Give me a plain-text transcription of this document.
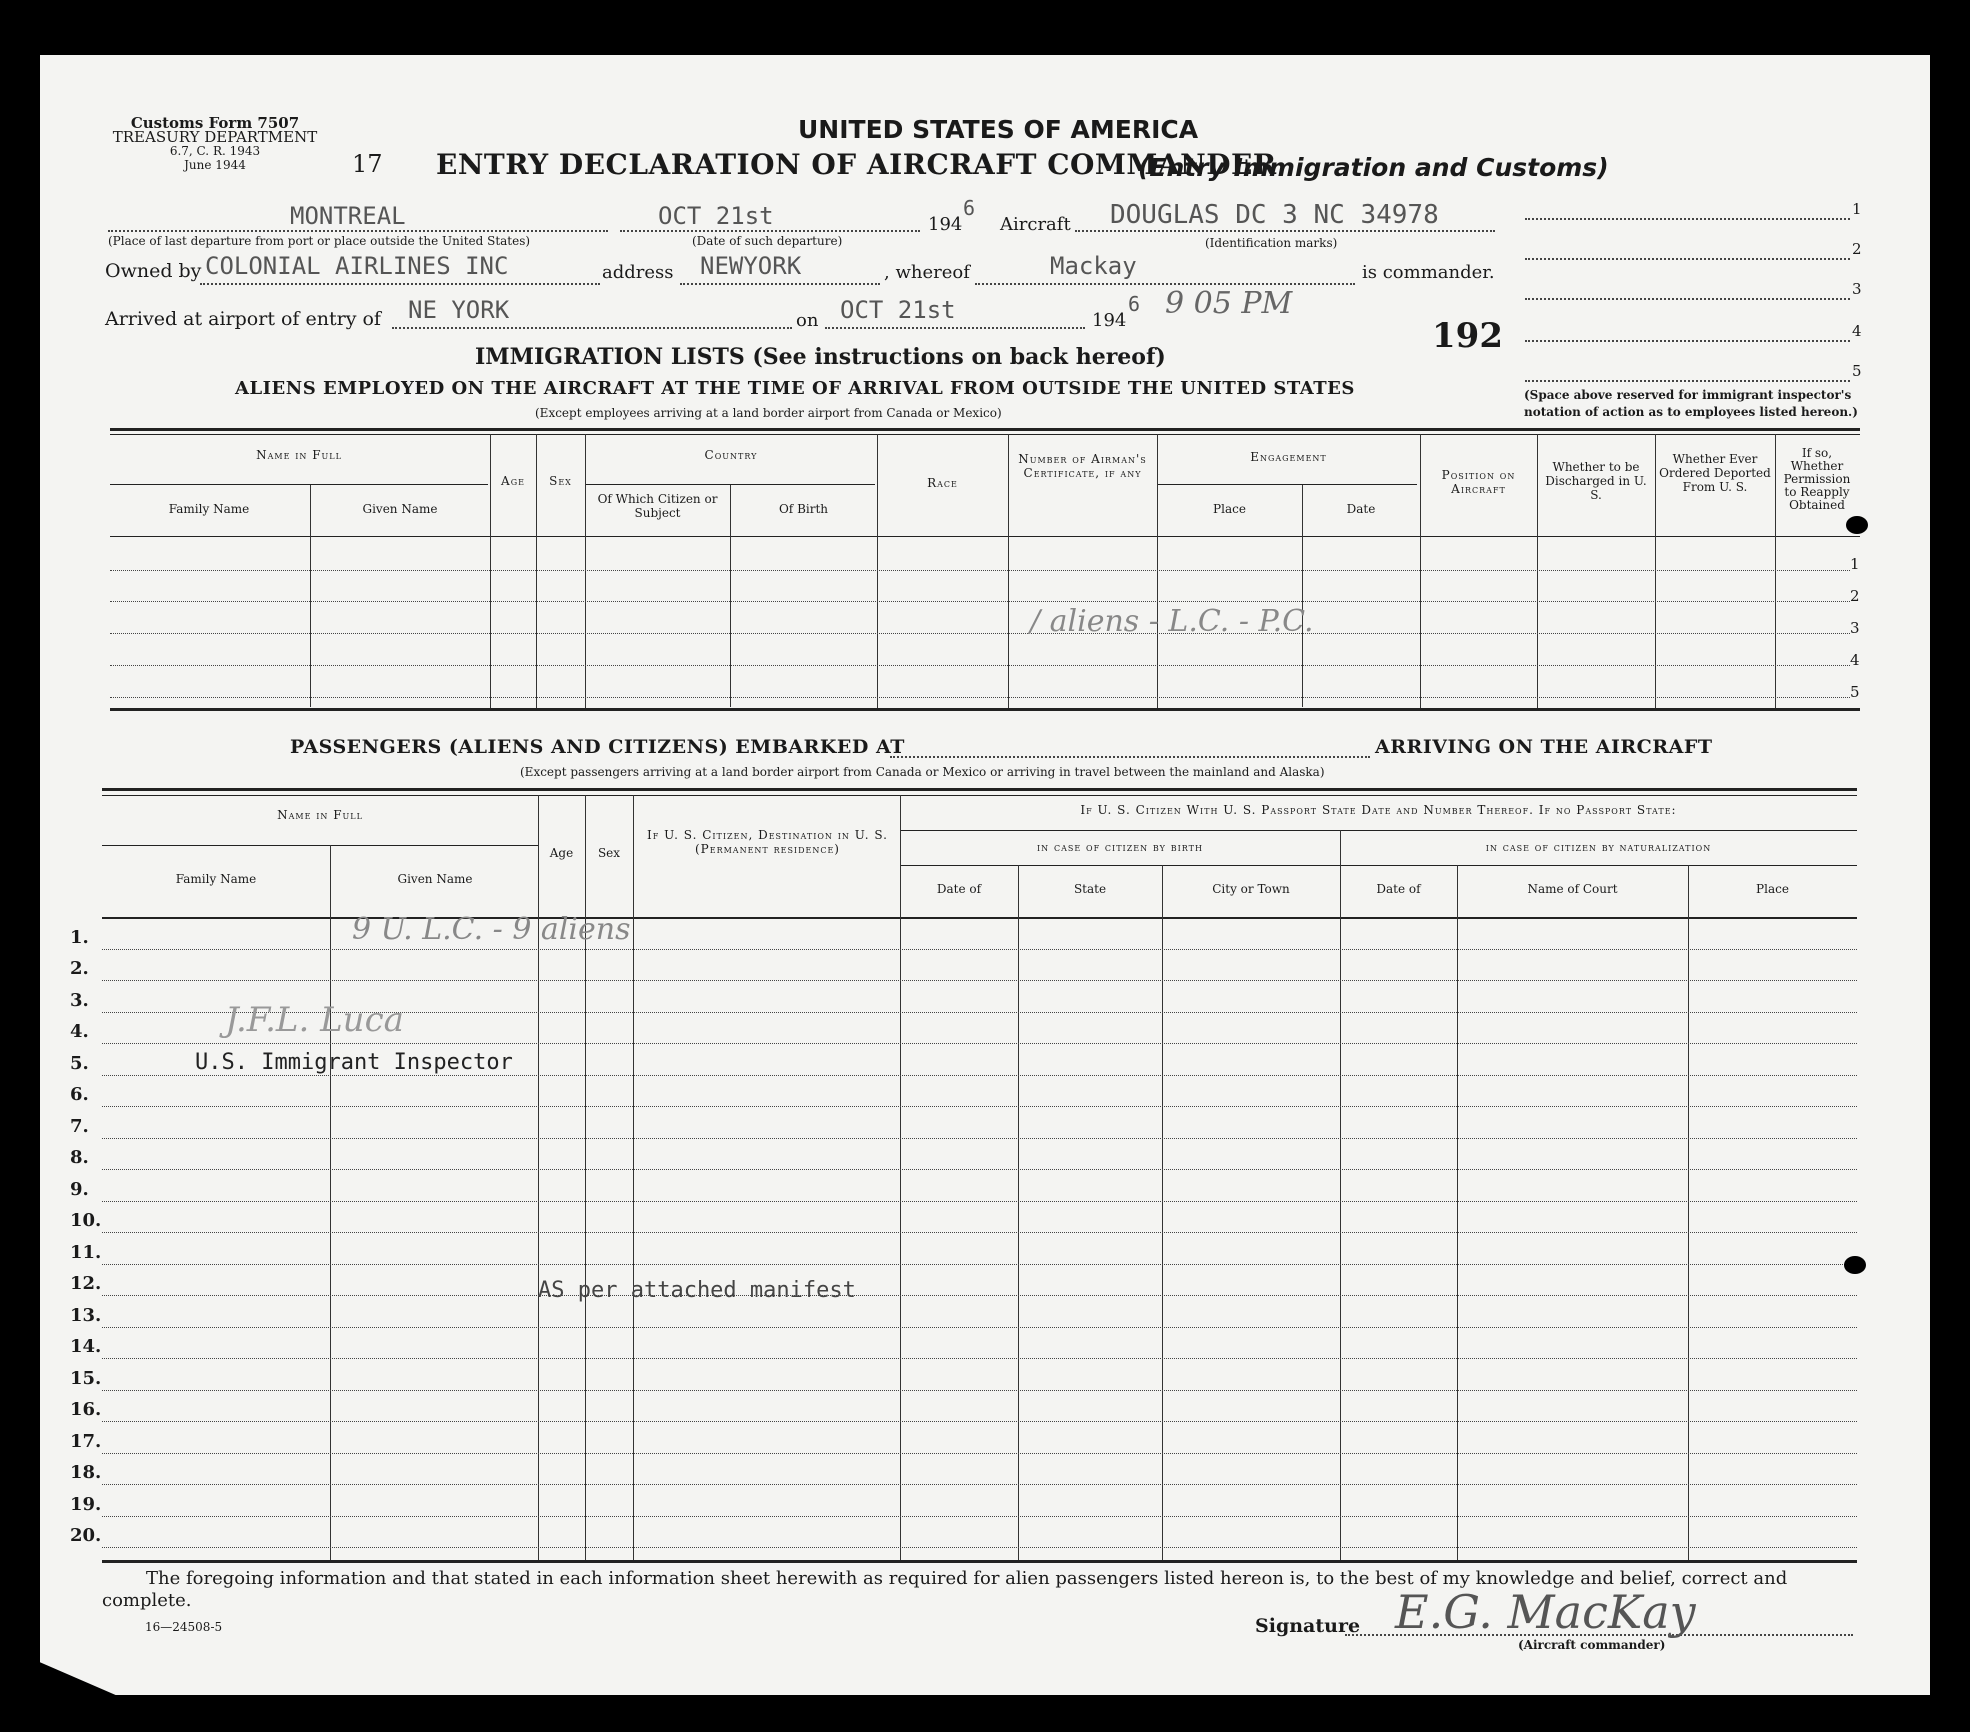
Customs Form 7507
TREASURY DEPARTMENT
6.7, C. R. 1943
June 1944	17
UNITED STATES OF AMERICA
ENTRY DECLARATION OF AIRCRAFT COMMANDER
(Entry Immigration and Customs)
MONTREAL
(Place of last departure from port or place outside the United States)
OCT 21st
(Date of such departure)
194
6
Aircraft DOUGLAS DC 3 NC 34978
(Identification marks)
Owned by COLONIAL AIRLINES INC	address NEWYORK	, whereof	Mackay	is commander.
Arrived at airport of entry of NE YORK	on OCT 21st	194
6 9 05 PM
192
1
2
3
4
5
(Space above reserved for immigrant inspector's notation of action as to employees listed hereon.)
IMMIGRATION LISTS (See instructions on back hereof)
ALIENS EMPLOYED ON THE AIRCRAFT AT THE TIME OF ARRIVAL FROM OUTSIDE THE UNITED STATES
(Except employees arriving at a land border airport from Canada or Mexico)
Name in Full
Family Name	Given Name
Age	Sex
Country
Of Which Citizen or Subject	Of Birth
Race
Number of Airman's Certificate, if any
Engagement
Place	Date
Position on Aircraft
Whether to be Discharged in U. S.
Whether Ever Ordered Deported From U. S.
If so, Whether Permission to Reapply Obtained
1
2
3
4
5
/ aliens - L.C. - P.C.
PASSENGERS (ALIENS AND CITIZENS) EMBARKED AT	ARRIVING ON THE AIRCRAFT
(Except passengers arriving at a land border airport from Canada or Mexico or arriving in travel between the mainland and Alaska)
Name in Full
Family Name	Given Name
Age	Sex
If U. S. Citizen, Destination in U. S. (Permanent residence)
If U. S. Citizen With U. S. Passport State Date and Number Thereof. If no Passport State:
in case of citizen by birth	in case of citizen by naturalization
Date of	State	City or Town	Date of	Name of Court	Place
1.
2.
3.
4.
5.
6.
7.
8.
9.
10.
11.
12.
13.
14.
15.
16.
17.
18.
19.
20.
9 U. L.C. - 9 aliens
J.F.L. Luca
U.S. Immigrant Inspector
AS per attached manifest
The foregoing information and that stated in each information sheet herewith as required for alien passengers listed hereon is, to the best of my knowledge and belief, correct and complete.
16—24508-5	Signature E.G. MacKay
(Aircraft commander)
